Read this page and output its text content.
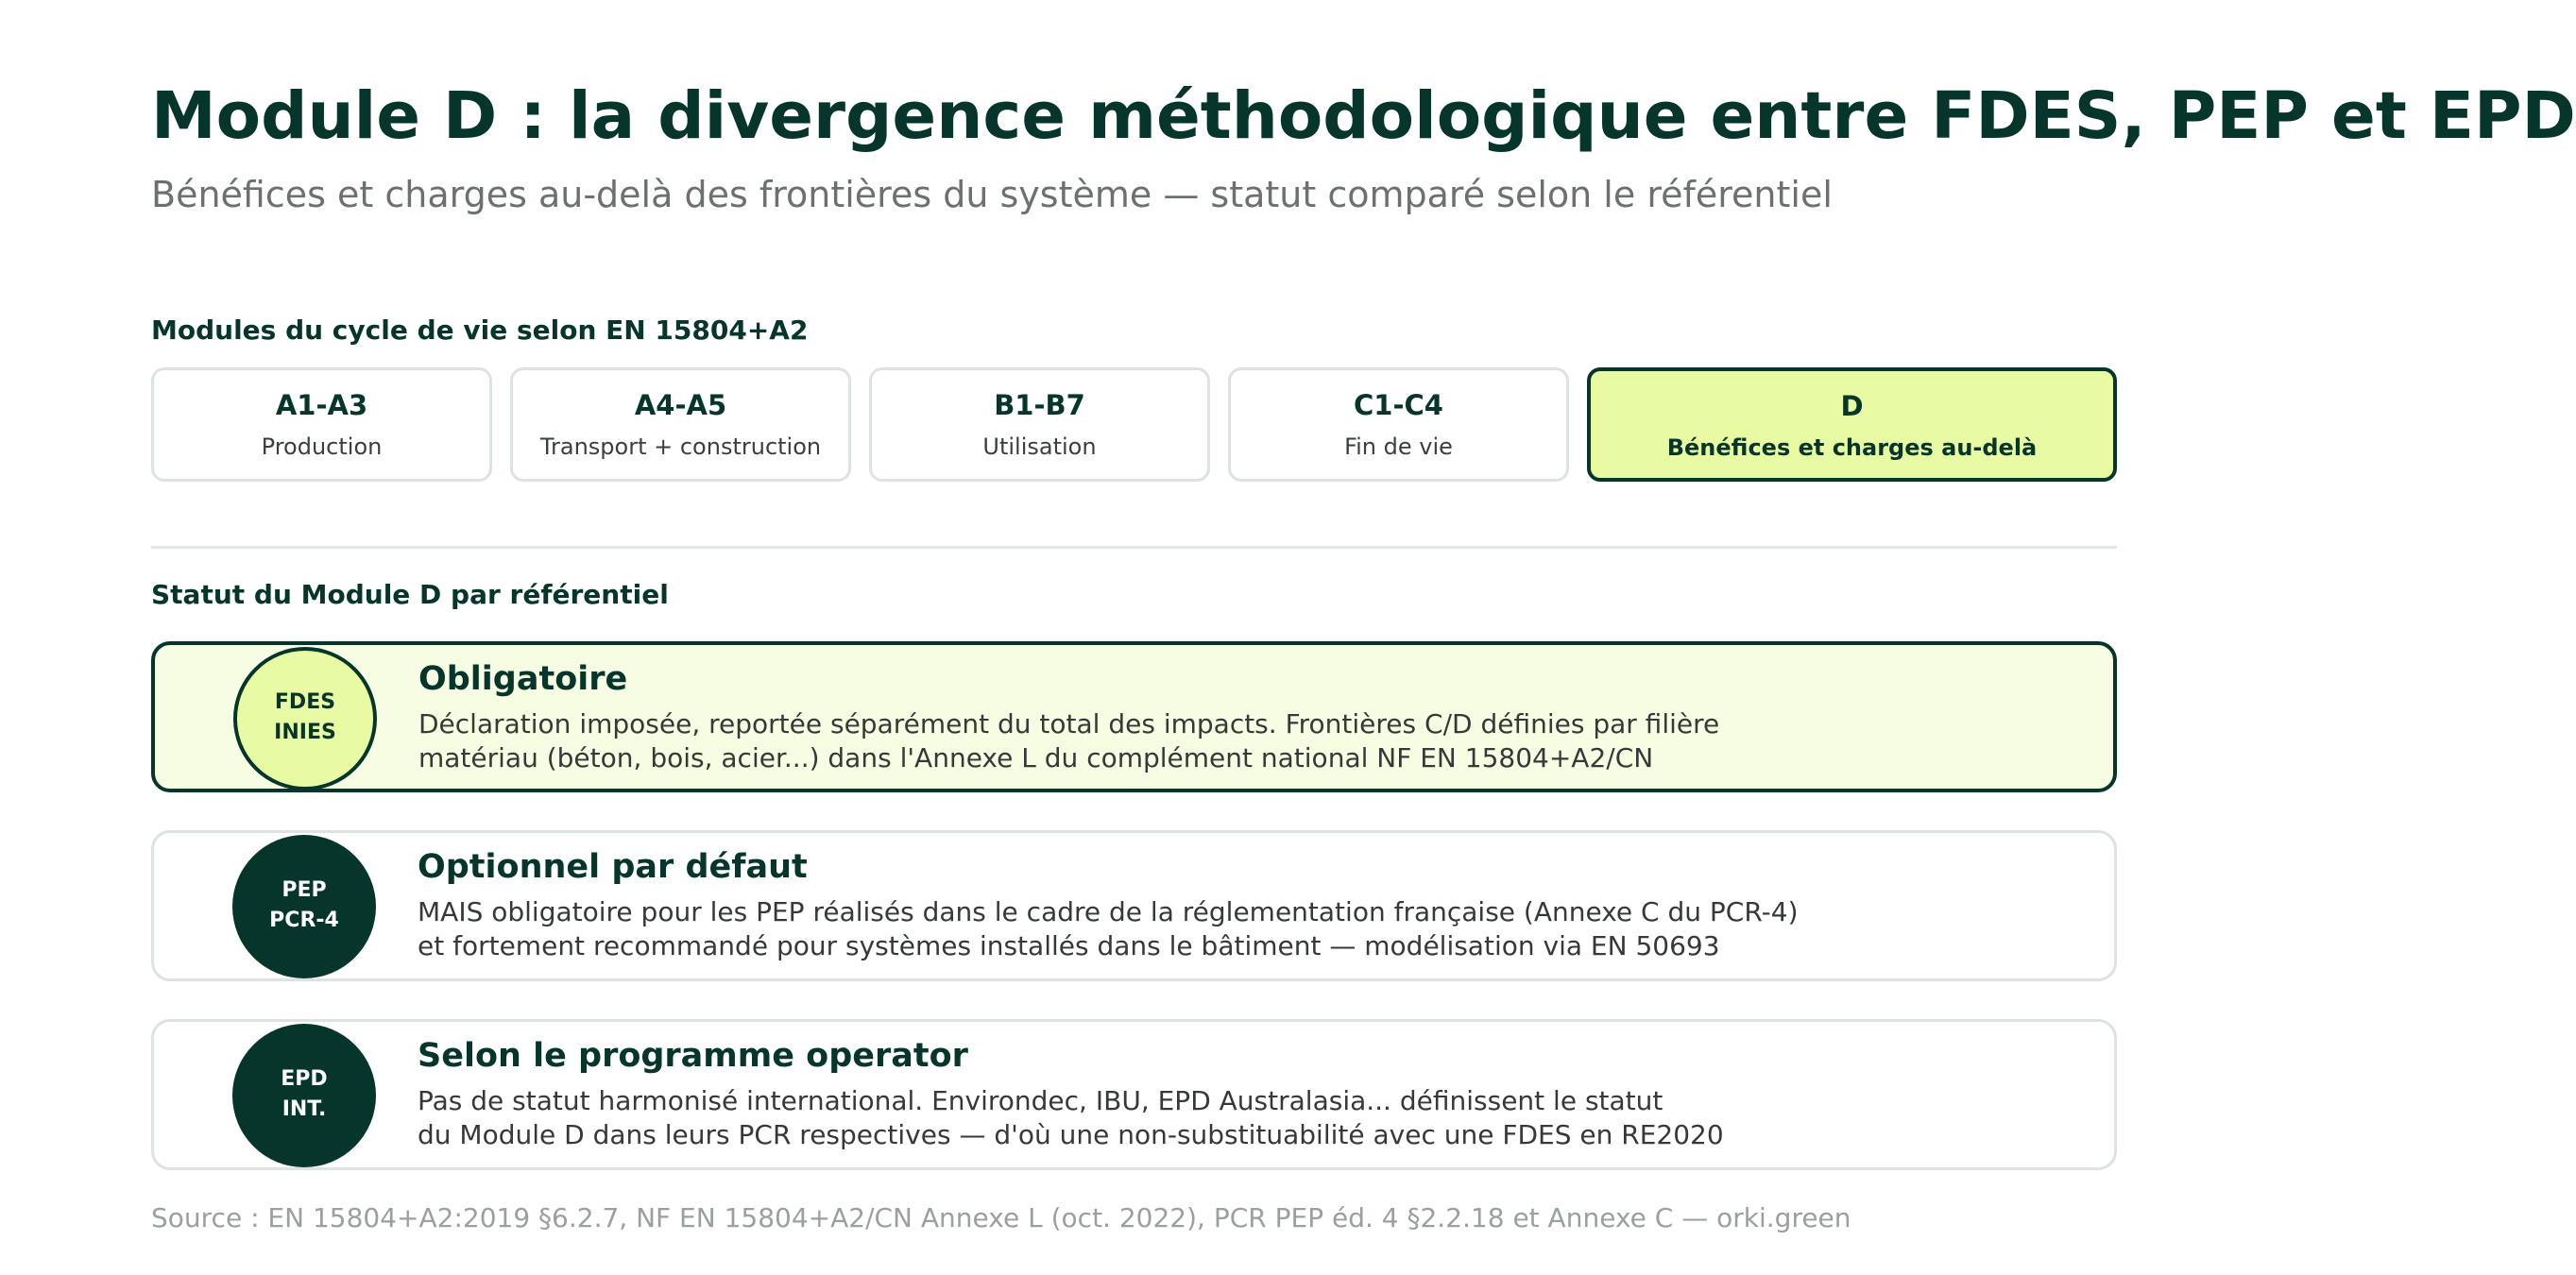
Module D : la divergence méthodologique entre FDES, PEP et EPD
Bénéfices et charges au-delà des frontières du système — statut comparé selon le référentiel
Modules du cycle de vie selon EN 15804+A2
A1-A3
Production
A4-A5
Transport + construction
B1-B7
Utilisation
C1-C4
Fin de vie
D
Bénéfices et charges au-delà
Statut du Module D par référentiel
FDES
INIES
Obligatoire
Déclaration imposée, reportée séparément du total des impacts. Frontières C/D définies par filière
matériau (béton, bois, acier...) dans l'Annexe L du complément national NF EN 15804+A2/CN
PEP
PCR-4
Optionnel par défaut
MAIS obligatoire pour les PEP réalisés dans le cadre de la réglementation française (Annexe C du PCR-4)
et fortement recommandé pour systèmes installés dans le bâtiment — modélisation via EN 50693
EPD
INT.
Selon le programme operator
Pas de statut harmonisé international. Environdec, IBU, EPD Australasia... définissent le statut
du Module D dans leurs PCR respectives — d'où une non-substituabilité avec une FDES en RE2020
Source : EN 15804+A2:2019 §6.2.7, NF EN 15804+A2/CN Annexe L (oct. 2022), PCR PEP éd. 4 §2.2.18 et Annexe C — orki.green
